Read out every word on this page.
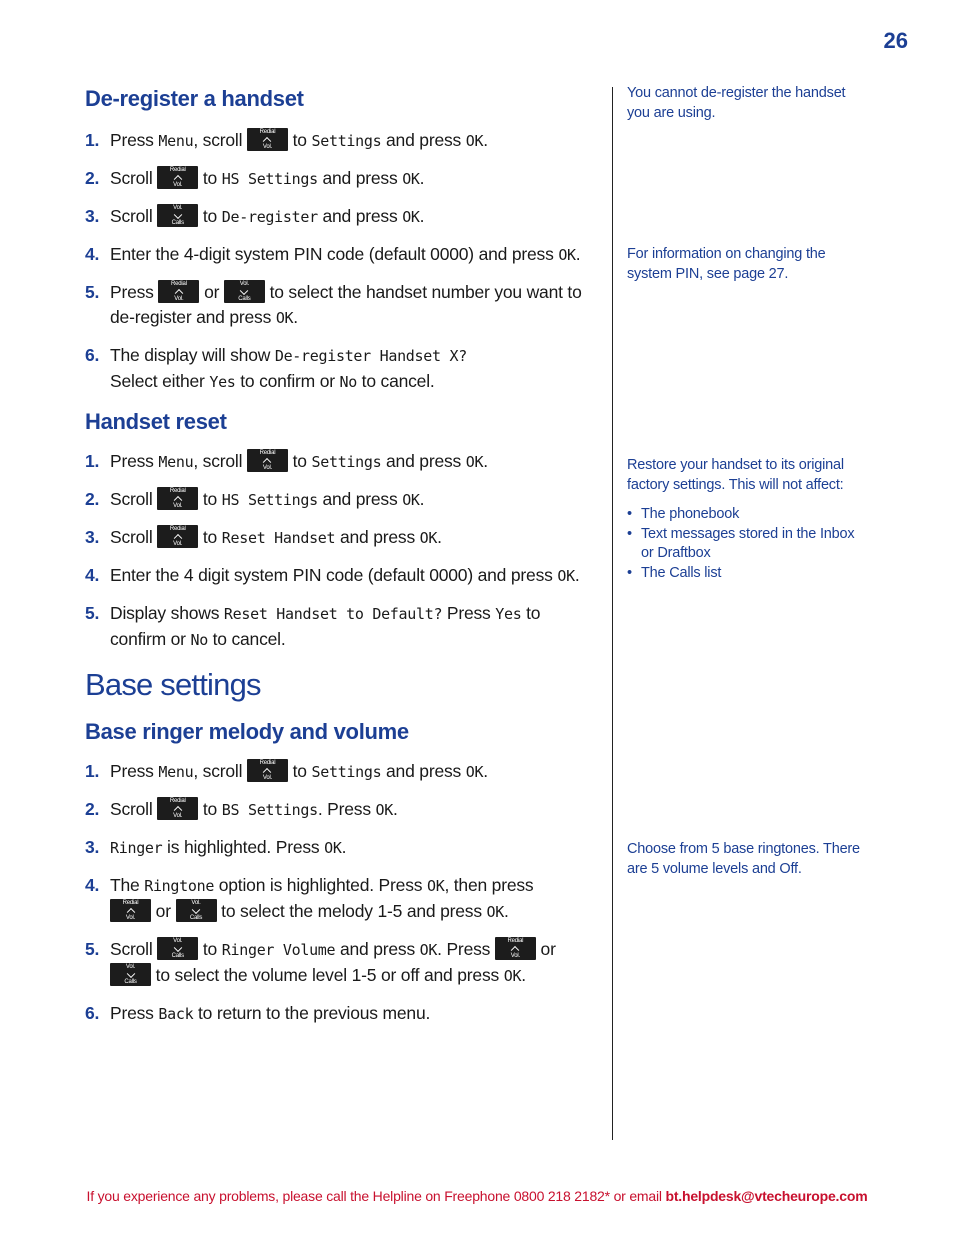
26
De-register a handset
1. Press Menu, scroll	Redial
Vol. to Settings and press OK.
2. Scroll	Redial
Vol. to HS Settings and press OK.
3. Scroll	Vol.
Calls to De-register and press OK.
4. Enter the 4-digit system PIN code (default 0000) and press OK.
5. Press	Redial
Vol. or	Vol.
Calls to select the handset number you want to de-register and press OK.
6. The display will show De-register Handset X?
Select either Yes to confirm or No to cancel.
Handset reset
1. Press Menu, scroll	Redial
Vol. to Settings and press OK.
2. Scroll	Redial
Vol. to HS Settings and press OK.
3. Scroll	Redial
Vol. to Reset Handset and press OK.
4. Enter the 4 digit system PIN code (default 0000) and press OK.
5. Display shows Reset Handset to Default? Press Yes to confirm or No to cancel.
Base settings
Base ringer melody and volume
1. Press Menu, scroll	Redial
Vol. to Settings and press OK.
2. Scroll	Redial
Vol. to BS Settings. Press OK.
3. Ringer is highlighted. Press OK.
4. The Ringtone option is highlighted. Press OK, then press

Redial
Vol. or	Vol.
Calls to select the melody 1-5 and press OK.
5. Scroll	Vol.
Calls to Ringer Volume and press OK. Press	Redial
Vol. or

Vol.
Calls to select the volume level 1-5 or off and press OK.
6. Press Back to return to the previous menu.

You cannot de-register the handset you are using.

For information on changing the system PIN, see page 27.

Restore your handset to its original factory settings. This will not affect:

• The phonebook
• Text messages stored in the Inbox or Draftbox
• The Calls list

Choose from 5 base ringtones. There are 5 volume levels and Off.

If you experience any problems, please call the Helpline on Freephone 0800 218 2182* or email bt.helpdesk@vtecheurope.com
